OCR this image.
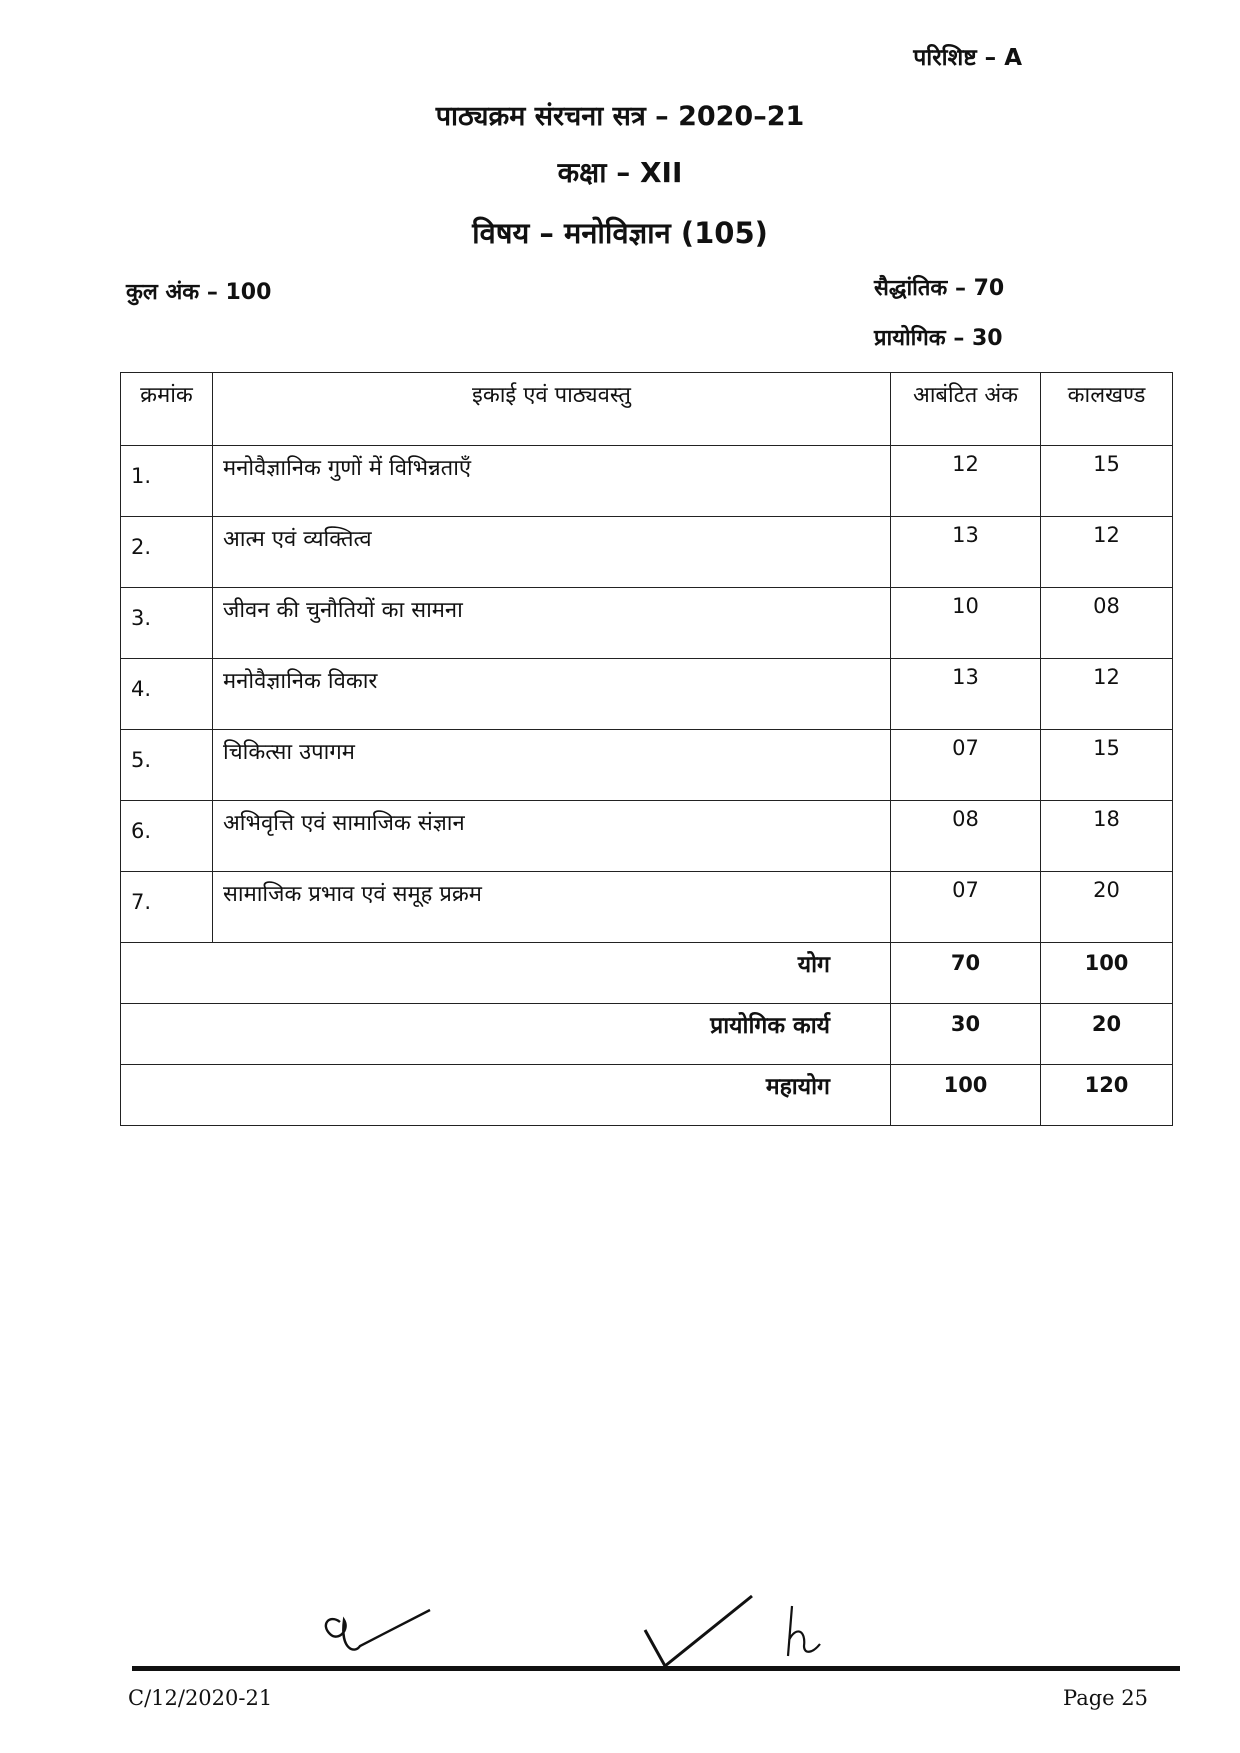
परिशिष्ट – A
पाठ्यक्रम संरचना सत्र – 2020–21
कक्षा – XII
विषय – मनोविज्ञान (105)
कुल अंक – 100	सैद्धांतिक – 70
प्रायोगिक – 30
क्रमांक	इकाई एवं पाठ्यवस्तु	आबंटित अंक	कालखण्ड
1.	मनोवैज्ञानिक गुणों में विभिन्नताएँ	12	15
2.	आत्म एवं व्यक्तित्व	13	12
3.	जीवन की चुनौतियों का सामना	10	08
4.	मनोवैज्ञानिक विकार	13	12
5.	चिकित्सा उपागम	07	15
6.	अभिवृत्ति एवं सामाजिक संज्ञान	08	18
7.	सामाजिक प्रभाव एवं समूह प्रक्रम	07	20
योग		70	100
प्रायोगिक कार्य		30	20
महायोग		100	120
C/12/2020-21	Page 25
